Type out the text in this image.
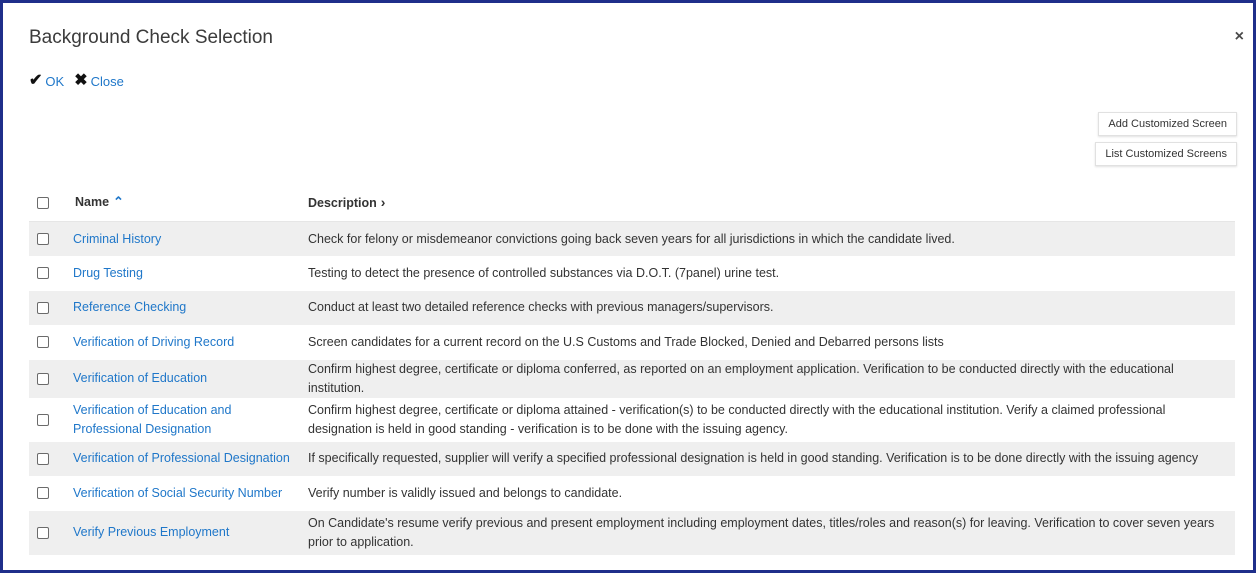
Background Check Selection	×
✔ OK ✖ Close
Add Customized Screen
List Customized Screens
	Name ⌃	Description ›
	Criminal History	Check for felony or misdemeanor convictions going back seven years for all jurisdictions in which the candidate lived.
	Drug Testing	Testing to detect the presence of controlled substances via D.O.T. (7panel) urine test.
	Reference Checking	Conduct at least two detailed reference checks with previous managers/supervisors.
	Verification of Driving Record	Screen candidates for a current record on the U.S Customs and Trade Blocked, Denied and Debarred persons lists
	Verification of Education	Confirm highest degree, certificate or diploma conferred, as reported on an employment application. Verification to be conducted directly with the educational institution.
	Verification of Education and Professional Designation	Confirm highest degree, certificate or diploma attained - verification(s) to be conducted directly with the educational institution. Verify a claimed professional designation is held in good standing - verification is to be done with the issuing agency.
	Verification of Professional Designation	If specifically requested, supplier will verify a specified professional designation is held in good standing. Verification is to be done directly with the issuing agency
	Verification of Social Security Number	Verify number is validly issued and belongs to candidate.
	Verify Previous Employment	On Candidate's resume verify previous and present employment including employment dates, titles/roles and reason(s) for leaving. Verification to cover seven years prior to application.
